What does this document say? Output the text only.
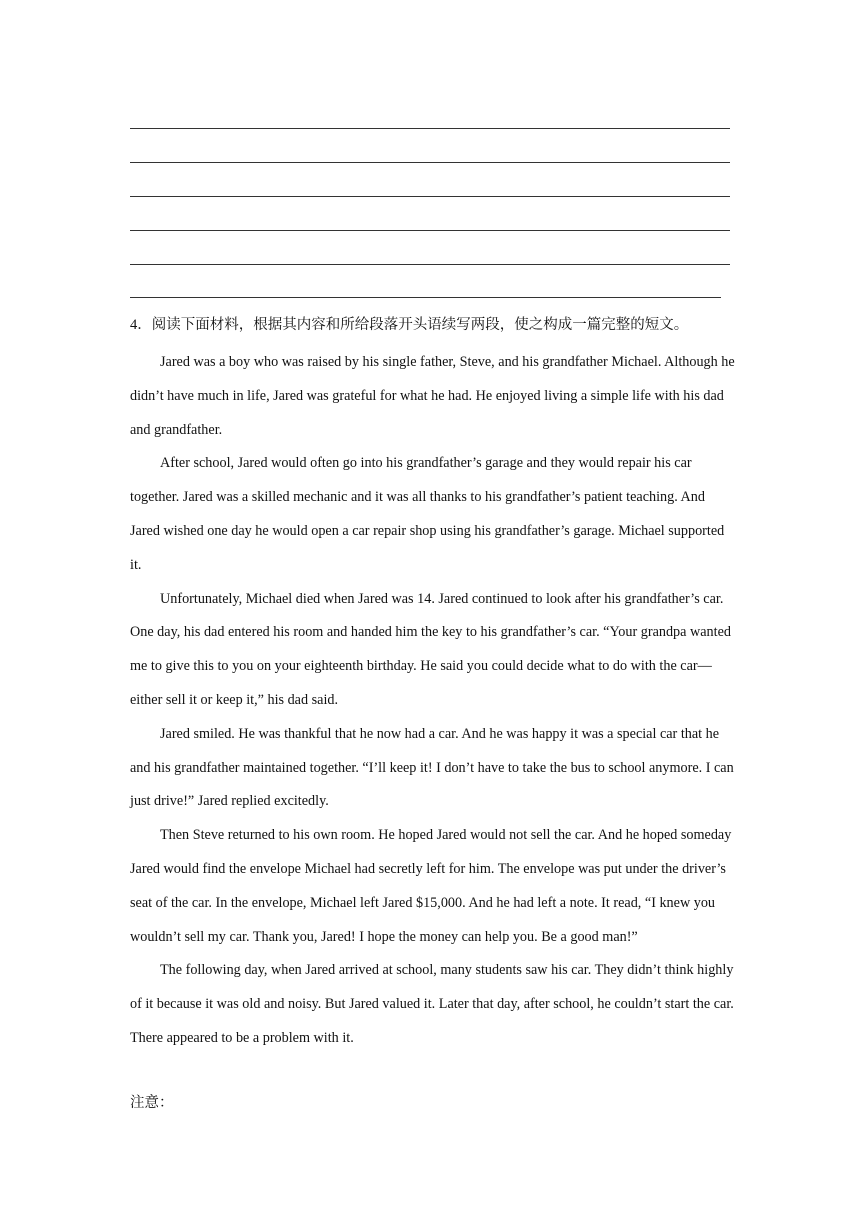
4．阅读下面材料，根据其内容和所给段落开头语续写两段，使之构成一篇完整的短文。

Jared was a boy who was raised by his single father, Steve, and his grandfather Michael. Although he didn’t have much in life, Jared was grateful for what he had. He enjoyed living a simple life with his dad and grandfather.

After school, Jared would often go into his grandfather’s garage and they would repair his car together. Jared was a skilled mechanic and it was all thanks to his grandfather’s patient teaching. And Jared wished one day he would open a car repair shop using his grandfather’s garage. Michael supported it.

Unfortunately, Michael died when Jared was 14. Jared continued to look after his grandfather’s car. One day, his dad entered his room and handed him the key to his grandfather’s car. “Your grandpa wanted me to give this to you on your eighteenth birthday. He said you could decide what to do with the car—either sell it or keep it,” his dad said.

Jared smiled. He was thankful that he now had a car. And he was happy it was a special car that he and his grandfather maintained together. “I’ll keep it! I don’t have to take the bus to school anymore. I can just drive!” Jared replied excitedly.

Then Steve returned to his own room. He hoped Jared would not sell the car. And he hoped someday Jared would find the envelope Michael had secretly left for him. The envelope was put under the driver’s seat of the car. In the envelope, Michael left Jared $15,000. And he had left a note. It read, “I knew you wouldn’t sell my car. Thank you, Jared! I hope the money can help you. Be a good man!”

The following day, when Jared arrived at school, many students saw his car. They didn’t think highly of it because it was old and noisy. But Jared valued it. Later that day, after school, he couldn’t start the car. There appeared to be a problem with it.

注意：
